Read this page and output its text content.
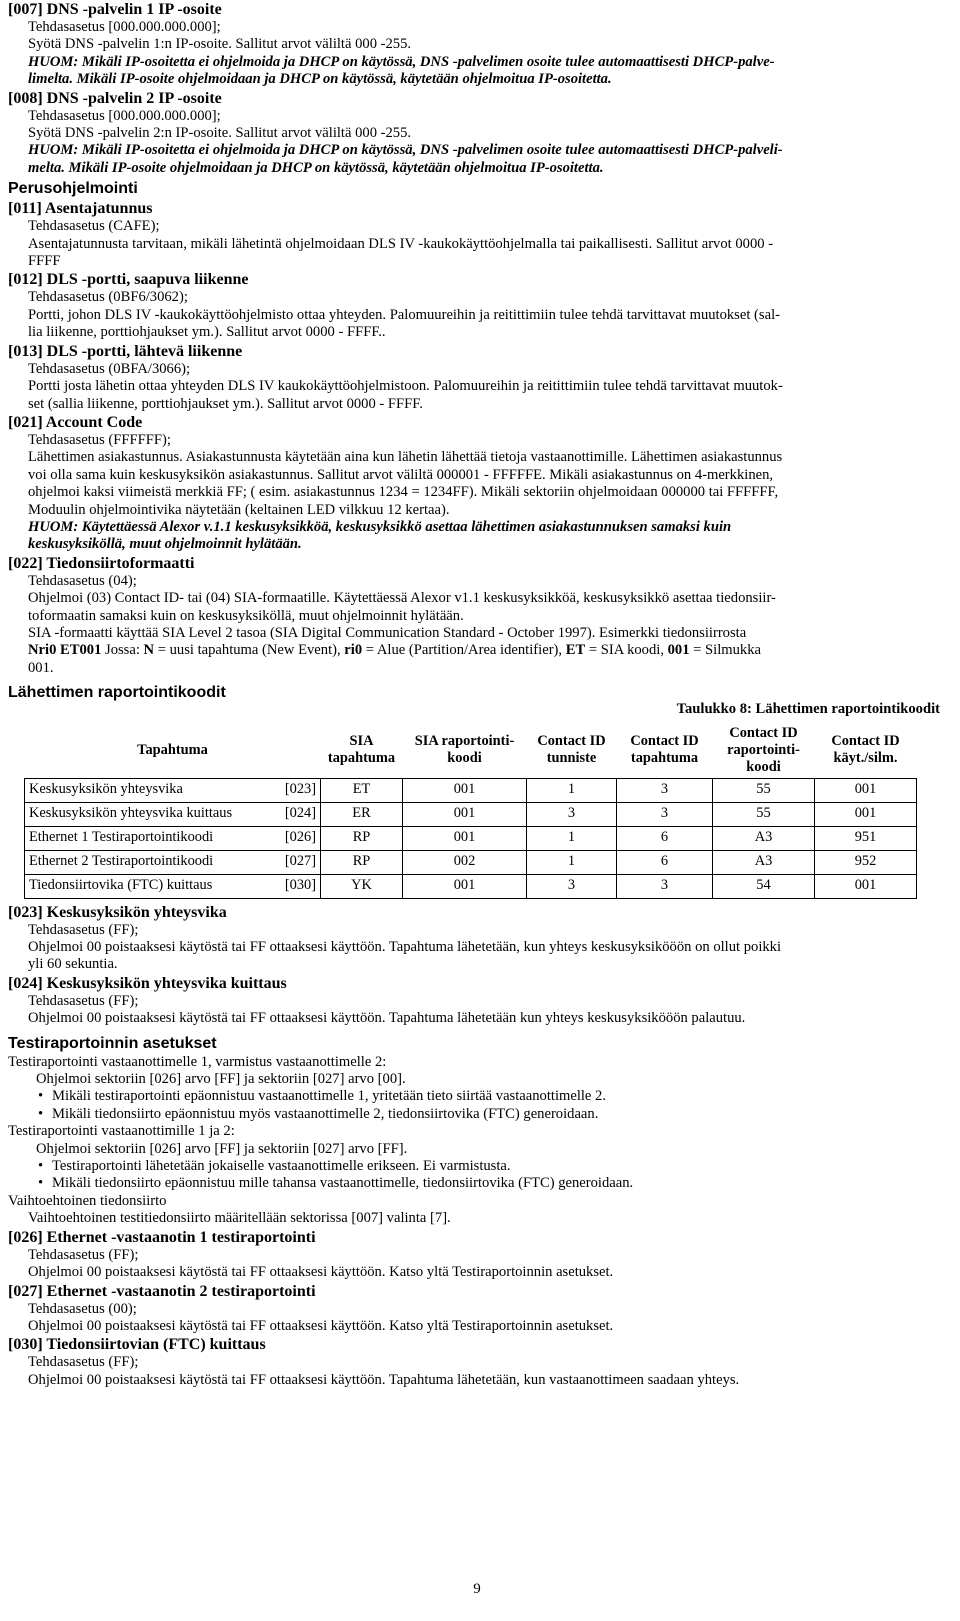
[007] DNS -palvelin 1 IP -osoite
Tehdasasetus [000.000.000.000];
Syötä DNS -palvelin 1:n IP-osoite. Sallitut arvot väliltä 000 -255.
HUOM: Mikäli IP-osoitetta ei ohjelmoida ja DHCP on käytössä, DNS -palvelimen osoite tulee automaattisesti DHCP-palve-
limelta. Mikäli IP-osoite ohjelmoidaan ja DHCP on käytössä, käytetään ohjelmoitua IP-osoitetta.
[008] DNS -palvelin 2 IP -osoite
Tehdasasetus [000.000.000.000];
Syötä DNS -palvelin 2:n IP-osoite. Sallitut arvot väliltä 000 -255.
HUOM: Mikäli IP-osoitetta ei ohjelmoida ja DHCP on käytössä, DNS -palvelimen osoite tulee automaattisesti DHCP-palveli-
melta. Mikäli IP-osoite ohjelmoidaan ja DHCP on käytössä, käytetään ohjelmoitua IP-osoitetta.
Perusohjelmointi
[011] Asentajatunnus
Tehdasasetus (CAFE);
Asentajatunnusta tarvitaan, mikäli lähetintä ohjelmoidaan DLS IV -kaukokäyttöohjelmalla tai paikallisesti. Sallitut arvot 0000 -
FFFF
[012] DLS -portti, saapuva liikenne
Tehdasasetus (0BF6/3062);
Portti, johon DLS IV -kaukokäyttöohjelmisto ottaa yhteyden. Palomuureihin ja reitittimiin tulee tehdä tarvittavat muutokset (sal-
lia liikenne, porttiohjaukset ym.). Sallitut arvot 0000 - FFFF..
[013] DLS -portti, lähtevä liikenne
Tehdasasetus (0BFA/3066);
Portti josta lähetin ottaa yhteyden DLS IV kaukokäyttöohjelmistoon. Palomuureihin ja reitittimiin tulee tehdä tarvittavat muutok-
set (sallia liikenne, porttiohjaukset ym.). Sallitut arvot 0000 - FFFF.
[021] Account Code
Tehdasasetus (FFFFFF);
Lähettimen asiakastunnus. Asiakastunnusta käytetään aina kun lähetin lähettää tietoja vastaanottimille. Lähettimen asiakastunnus
voi olla sama kuin keskusyksikön asiakastunnus. Sallitut arvot väliltä 000001 - FFFFFE. Mikäli asiakastunnus on 4-merkkinen,
ohjelmoi kaksi viimeistä merkkiä FF; ( esim. asiakastunnus 1234 = 1234FF). Mikäli sektoriin ohjelmoidaan 000000 tai FFFFFF,
Moduulin ohjelmointivika näytetään (keltainen LED vilkkuu 12 kertaa).
HUOM: Käytettäessä Alexor v.1.1 keskusyksikköä, keskusyksikkö asettaa lähettimen asiakastunnuksen samaksi kuin
keskusyksiköllä, muut ohjelmoinnit hylätään.
[022] Tiedonsiirtoformaatti
Tehdasasetus (04);
Ohjelmoi (03) Contact ID- tai (04) SIA-formaatille. Käytettäessä Alexor v1.1 keskusyksikköä, keskusyksikkö asettaa tiedonsiir-
toformaatin samaksi kuin on keskusyksiköllä, muut ohjelmoinnit hylätään.
SIA -formaatti käyttää SIA Level 2 tasoa (SIA Digital Communication Standard - October 1997). Esimerkki tiedonsiirrosta
Nri0 ET001 Jossa: N = uusi tapahtuma (New Event), ri0 = Alue (Partition/Area identifier), ET = SIA koodi, 001 = Silmukka
001.
Lähettimen raportointikoodit
Taulukko 8: Lähettimen raportointikoodit
Tapahtuma		SIA tapahtuma	SIA raportointi-koodi	Contact ID tunniste	Contact ID tapahtuma	Contact ID raportointi-koodi	Contact ID käyt./silm.
Keskusyksikön yhteysvika	[023]	ET	001	1	3	55	001
Keskusyksikön yhteysvika kuittaus	[024]	ER	001	3	3	55	001
Ethernet 1 Testiraportointikoodi	[026]	RP	001	1	6	A3	951
Ethernet 2 Testiraportointikoodi	[027]	RP	002	1	6	A3	952
Tiedonsiirtovika (FTC) kuittaus	[030]	YK	001	3	3	54	001
[023] Keskusyksikön yhteysvika
Tehdasasetus (FF);
Ohjelmoi 00 poistaaksesi käytöstä tai FF ottaaksesi käyttöön. Tapahtuma lähetetään, kun yhteys keskusyksikööön on ollut poikki
yli 60 sekuntia.
[024] Keskusyksikön yhteysvika kuittaus
Tehdasasetus (FF);
Ohjelmoi 00 poistaaksesi käytöstä tai FF ottaaksesi käyttöön. Tapahtuma lähetetään kun yhteys keskusyksikööön palautuu.
Testiraportoinnin asetukset
Testiraportointi vastaanottimelle 1, varmistus vastaanottimelle 2:
Ohjelmoi sektoriin [026] arvo [FF] ja sektoriin [027] arvo [00].
• Mikäli testiraportointi epäonnistuu vastaanottimelle 1, yritetään tieto siirtää vastaanottimelle 2.
• Mikäli tiedonsiirto epäonnistuu myös vastaanottimelle 2, tiedonsiirtovika (FTC) generoidaan.
Testiraportointi vastaanottimille 1 ja 2:
Ohjelmoi sektoriin [026] arvo [FF] ja sektoriin [027] arvo [FF].
• Testiraportointi lähetetään jokaiselle vastaanottimelle erikseen. Ei varmistusta.
• Mikäli tiedonsiirto epäonnistuu mille tahansa vastaanottimelle, tiedonsiirtovika (FTC) generoidaan.
Vaihtoehtoinen tiedonsiirto
Vaihtoehtoinen testitiedonsiirto määritellään sektorissa [007] valinta [7].
[026] Ethernet -vastaanotin 1 testiraportointi
Tehdasasetus (FF);
Ohjelmoi 00 poistaaksesi käytöstä tai FF ottaaksesi käyttöön. Katso yltä Testiraportoinnin asetukset.
[027] Ethernet -vastaanotin 2 testiraportointi
Tehdasasetus (00);
Ohjelmoi 00 poistaaksesi käytöstä tai FF ottaaksesi käyttöön. Katso yltä Testiraportoinnin asetukset.
[030] Tiedonsiirtovian (FTC) kuittaus
Tehdasasetus (FF);
Ohjelmoi 00 poistaaksesi käytöstä tai FF ottaaksesi käyttöön. Tapahtuma lähetetään, kun vastaanottimeen saadaan yhteys.
9
